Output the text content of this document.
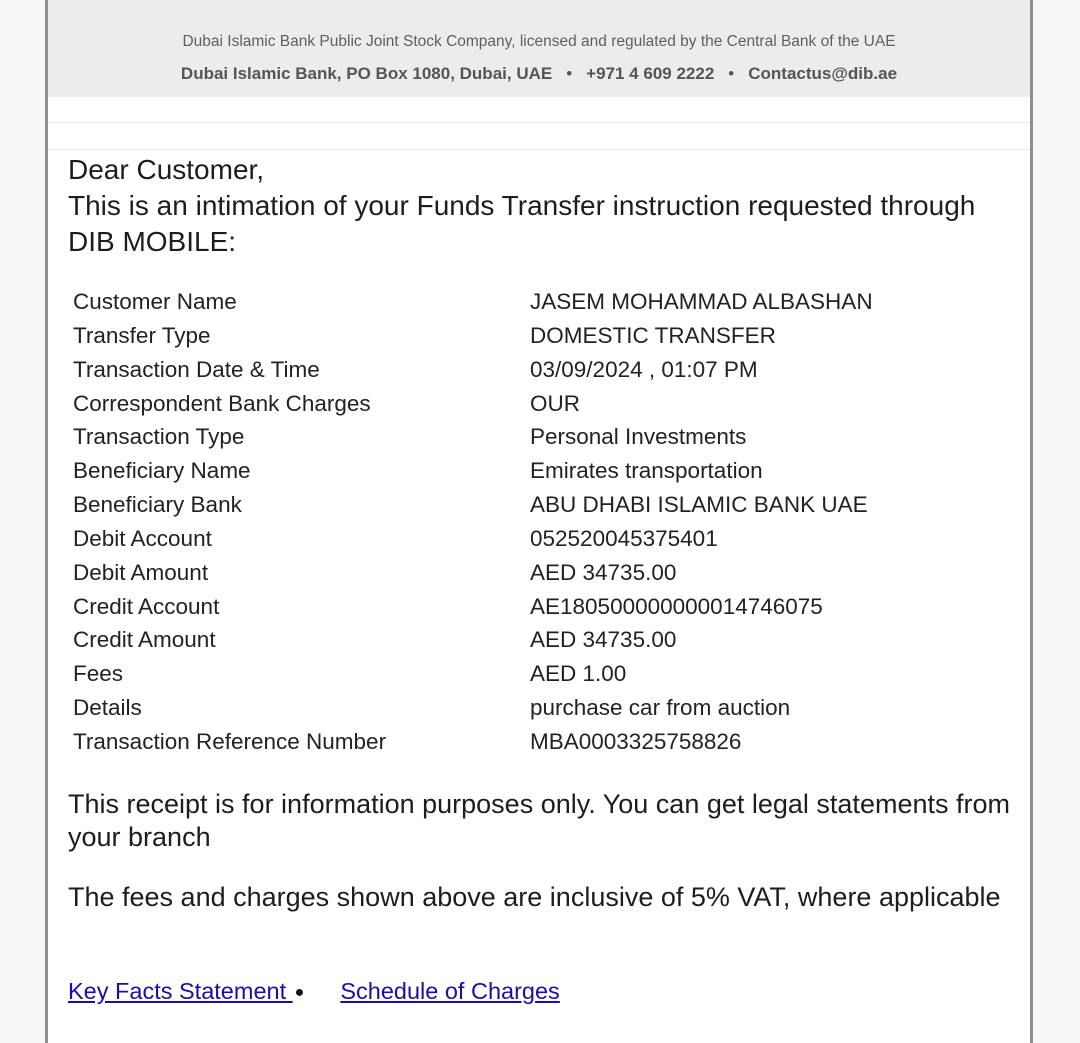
Dubai Islamic Bank Public Joint Stock Company, licensed and regulated by the Central Bank of the UAE
Dubai Islamic Bank, PO Box 1080, Dubai, UAE • +971 4 609 2222 • Contactus@dib.ae
Dear Customer,
This is an intimation of your Funds Transfer instruction requested through DIB MOBILE:
Customer Name	JASEM MOHAMMAD ALBASHAN
Transfer Type	DOMESTIC TRANSFER
Transaction Date & Time	03/09/2024 , 01:07 PM
Correspondent Bank Charges	OUR
Transaction Type	Personal Investments
Beneficiary Name	Emirates transportation
Beneficiary Bank	ABU DHABI ISLAMIC BANK UAE
Debit Account	052520045375401
Debit Amount	AED 34735.00
Credit Account	AE180500000000014746075
Credit Amount	AED 34735.00
Fees	AED 1.00
Details	purchase car from auction
Transaction Reference Number	MBA0003325758826
This receipt is for information purposes only. You can get legal statements from your branch
The fees and charges shown above are inclusive of 5% VAT, where applicable
Key Facts Statement ● Schedule of Charges
